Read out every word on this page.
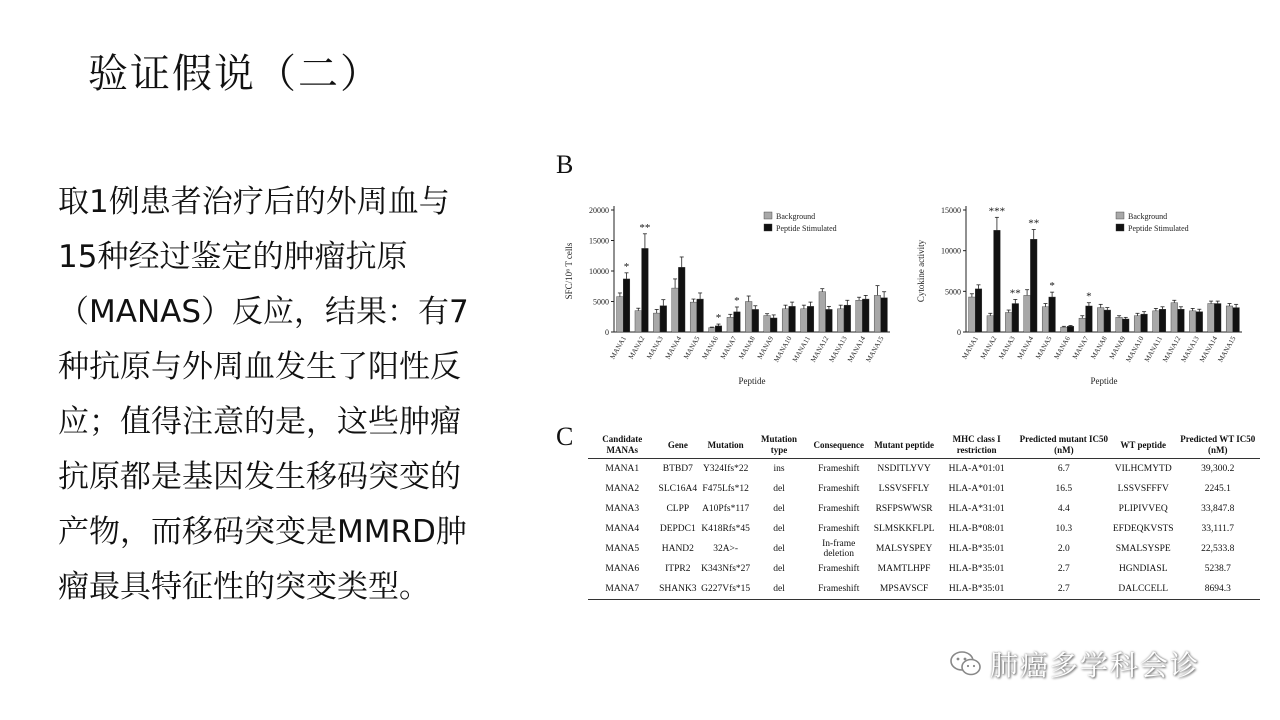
验证假说（二）
取1例患者治疗后的外周血与
15种经过鉴定的肿瘤抗原
（MANAS）反应，结果：有7
种抗原与外周血发生了阳性反
应；值得注意的是，这些肿瘤
抗原都是基因发生移码突变的
产物，而移码突变是MMRD肿
瘤最具特征性的突变类型。
B
C
0
5000
10000
15000
20000
SFC/10⁶ T cells
MANA1 MANA2 MANA3 MANA4 MANA5 MANA6 MANA7 MANA8 MANA9
MANA10
MANA11
MANA12
MANA13
MANA14
MANA15
*
**
*
*
Peptide
Background
Peptide Stimulated
0
5000
10000
15000
Cytokine activity
MANA1 MANA2 MANA3 MANA4 MANA5 MANA6 MANA7 MANA8 MANA9
MANA10
MANA11
MANA12
MANA13
MANA14
MANA15
***
**
**
*
*
Peptide
Background
Peptide Stimulated
Candidate MANAs	Gene	Mutation	Mutation type	Consequence	Mutant peptide	MHC class I restriction	Predicted mutant IC50 (nM)	WT peptide	Predicted WT IC50 (nM)
MANA1	BTBD7	Y324Ifs*22	ins	Frameshift	NSDITLYVY	HLA-A*01:01	6.7	VILHCMYTD	39,300.2
MANA2	SLC16A4	F475Lfs*12	del	Frameshift	LSSVSFFLY	HLA-A*01:01	16.5	LSSVSFFFV	2245.1
MANA3	CLPP	A10Pfs*117	del	Frameshift	RSFPSWWSR	HLA-A*31:01	4.4	PLIPIVVEQ	33,847.8
MANA4	DEPDC1	K418Rfs*45	del	Frameshift	SLMSKKFLPL	HLA-B*08:01	10.3	EFDEQKVSTS	33,111.7
MANA5	HAND2	32A>-	del	In-frame deletion	MALSYSPEY	HLA-B*35:01	2.0	SMALSYSPE	22,533.8
MANA6	ITPR2	K343Nfs*27	del	Frameshift	MAMTLHPF	HLA-B*35:01	2.7	HGNDIASL	5238.7
MANA7	SHANK3	G227Vfs*15	del	Frameshift	MPSAVSCF	HLA-B*35:01	2.7	DALCCELL	8694.3
肺癌多学科会诊
